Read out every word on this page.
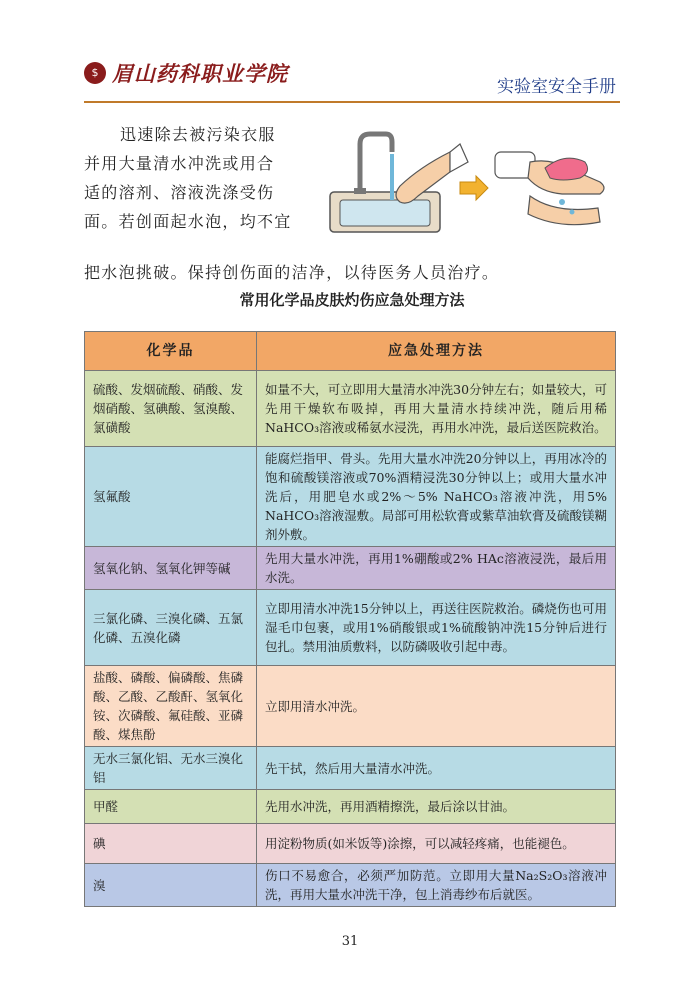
$ 眉山药科职业学院
实验室安全手册
迅速除去被污染衣服
并用大量清水冲洗或用合
适的溶剂、溶液洗涤受伤
面。若创面起水泡，均不宜
把水泡挑破。保持创伤面的洁净，以待医务人员治疗。
常用化学品皮肤灼伤应急处理方法
化学品	应急处理方法
硫酸、发烟硫酸、硝酸、发烟硝酸、氢碘酸、氢溴酸、氯磺酸	如量不大，可立即用大量清水冲洗30分钟左右；如量较大，可先用干燥软布吸掉，再用大量清水持续冲洗，随后用稀NaHCO₃溶液或稀氨水浸洗，再用水冲洗，最后送医院救治。
氢氟酸	能腐烂指甲、骨头。先用大量水冲洗20分钟以上，再用冰冷的饱和硫酸镁溶液或70%酒精浸洗30分钟以上；或用大量水冲洗后，用肥皂水或2%～5% NaHCO₃溶液冲洗，用5% NaHCO₃溶液湿敷。局部可用松软膏或紫草油软膏及硫酸镁糊剂外敷。
氢氧化钠、氢氧化钾等碱	先用大量水冲洗，再用1%硼酸或2% HAc溶液浸洗，最后用水洗。
三氯化磷、三溴化磷、五氯化磷、五溴化磷	立即用清水冲洗15分钟以上，再送往医院救治。磷烧伤也可用湿毛巾包裹，或用1%硝酸银或1%硫酸钠冲洗15分钟后进行包扎。禁用油质敷料，以防磷吸收引起中毒。
盐酸、磷酸、偏磷酸、焦磷酸、乙酸、乙酸酐、氢氧化铵、次磷酸、氟硅酸、亚磷酸、煤焦酚	立即用清水冲洗。
无水三氯化铝、无水三溴化铝	先干拭，然后用大量清水冲洗。
甲醛	先用水冲洗，再用酒精擦洗，最后涂以甘油。
碘	用淀粉物质(如米饭等)涂擦，可以减轻疼痛，也能褪色。
溴	伤口不易愈合，必须严加防范。立即用大量Na₂S₂O₃溶液冲洗，再用大量水冲洗干净，包上消毒纱布后就医。
31
